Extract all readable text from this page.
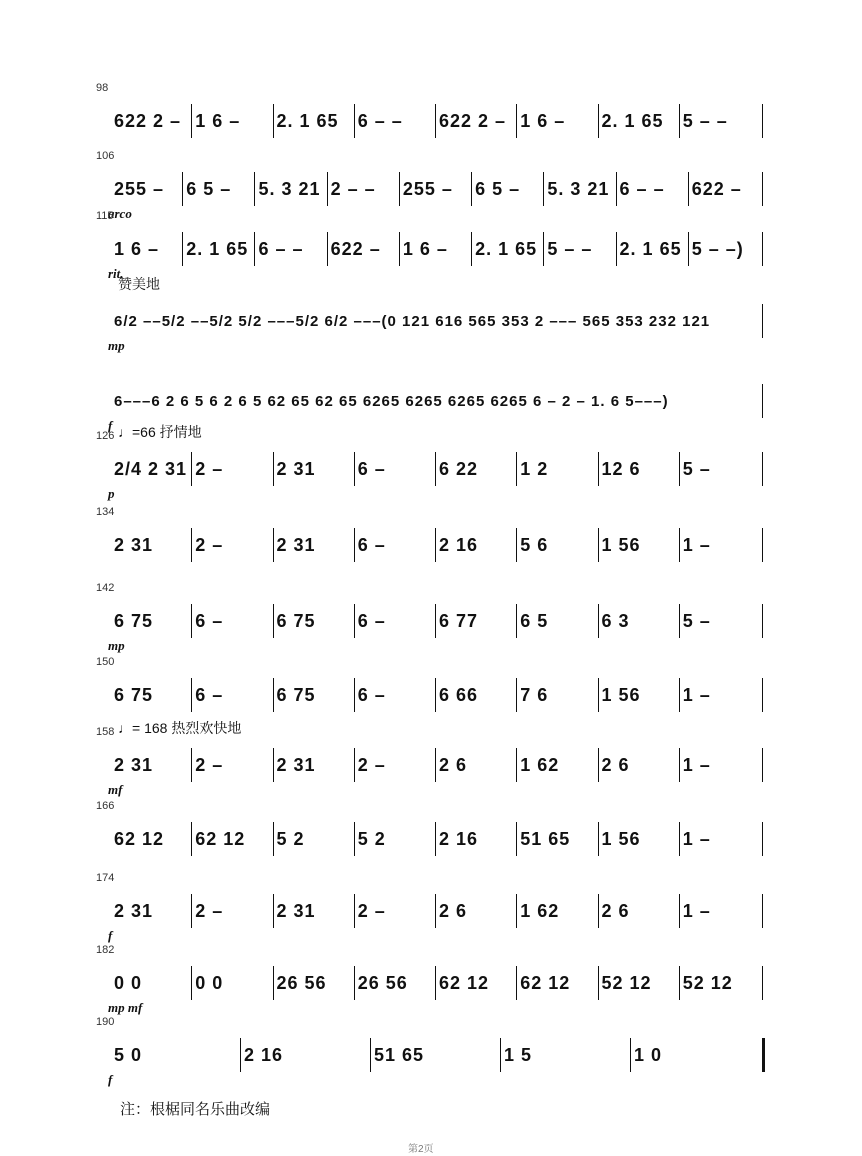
98
622 2 – 1 6 –	2. 1 65	6 – –	622 2 – 1 6 –	2. 1 65	5 – –
106
255 –	6 5 –	5. 3 21 2 – –	255 –	6 5 –	5. 3 21 6 – –	622 –
arco
115
1 6 –	2. 1 65 6 – –	622 –	1 6 –	2. 1 65 5 – –	2. 1 65 5 – –)
rit.
赞美地
6/2 ––5/2 ––5/2 5/2 –––5/2 6/2 –––(0 121 616 565 353 2 ––– 565 353 232 121
mp
6–––6 2 6 5 6 2 6 5 62 65 62 65 6265 6265 6265 6265 6 – 2 – 1. 6 5–––)
f
126 ♩=66 抒情地
2/4 2 31 2 –	2 31	6 –	6 22	1 2	12 6	5 –
p
134
2 31	2 –	2 31	6 –	2 16	5 6	1 56	1 –
142
6 75	6 –	6 75	6 –	6 77	6 5	6 3	5 –
mp
150
6 75	6 –	6 75	6 –	6 66	7 6	1 56	1 –
158 ♩= 168 热烈欢快地
2 31	2 –	2 31	2 –	2 6	1 62	2 6	1 –
mf
166
62 12	62 12	5 2	5 2	2 16	51 65	1 56	1 –
174
2 31	2 –	2 31	2 –	2 6	1 62	2 6	1 –
f
182
0 0	0 0	26 56	26 56	62 12	62 12	52 12	52 12
mp mf
190
5 0	2 16	51 65	1 5	1 0
f
注：根椐同名乐曲改编
第2页
